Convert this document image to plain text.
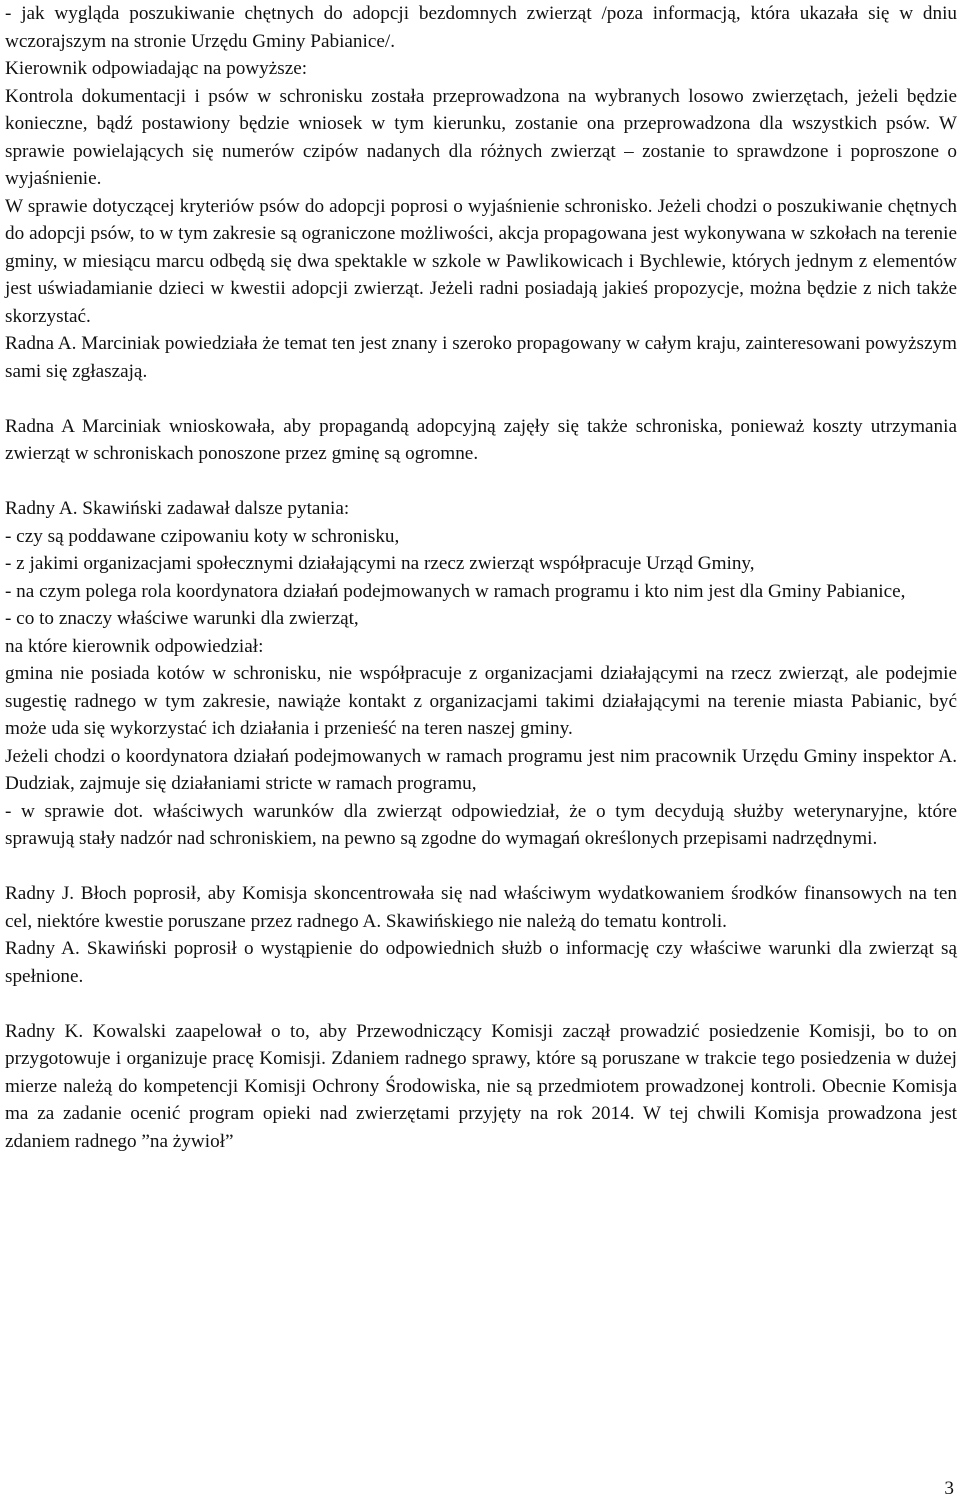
- jak wygląda poszukiwanie chętnych do adopcji bezdomnych zwierząt /poza informacją, która ukazała się w dniu wczorajszym na stronie Urzędu Gminy Pabianice/.
Kierownik odpowiadając na powyższe:
Kontrola dokumentacji i psów w schronisku została przeprowadzona na wybranych losowo zwierzętach, jeżeli będzie konieczne, bądź postawiony będzie wniosek w tym kierunku, zostanie ona przeprowadzona dla wszystkich psów. W sprawie powielających się numerów czipów nadanych dla różnych zwierząt – zostanie to sprawdzone i poproszone o wyjaśnienie.
W sprawie dotyczącej kryteriów psów do adopcji poprosi o wyjaśnienie schronisko. Jeżeli chodzi o poszukiwanie chętnych do adopcji psów, to w tym zakresie są ograniczone możliwości, akcja propagowana jest wykonywana w szkołach na terenie gminy, w miesiącu marcu odbędą się dwa spektakle w szkole w Pawlikowicach i Bychlewie, których jednym z elementów jest uświadamianie dzieci w kwestii adopcji zwierząt. Jeżeli radni posiadają jakieś propozycje, można będzie z nich także skorzystać.
Radna A. Marciniak powiedziała że temat ten jest znany i szeroko propagowany w całym kraju, zainteresowani powyższym sami się zgłaszają.
Radna A Marciniak wnioskowała, aby propagandą adopcyjną zajęły się także schroniska, ponieważ koszty utrzymania zwierząt w schroniskach ponoszone przez gminę są ogromne.
Radny A. Skawiński zadawał dalsze pytania:
- czy są poddawane czipowaniu koty w schronisku,
- z jakimi organizacjami społecznymi działającymi na rzecz zwierząt współpracuje Urząd Gminy,
- na czym polega rola koordynatora działań podejmowanych w ramach programu i kto nim jest dla Gminy Pabianice,
- co to znaczy właściwe warunki dla zwierząt,
na które kierownik odpowiedział:
gmina nie posiada kotów w schronisku, nie współpracuje z organizacjami działającymi na rzecz zwierząt, ale podejmie sugestię radnego w tym zakresie, nawiąże kontakt z organizacjami takimi działającymi na terenie miasta Pabianic, być może uda się wykorzystać ich działania i przenieść na teren naszej gminy.
Jeżeli chodzi o koordynatora działań podejmowanych w ramach programu jest nim pracownik Urzędu Gminy inspektor A. Dudziak, zajmuje się działaniami stricte w ramach programu,
- w sprawie dot. właściwych warunków dla zwierząt odpowiedział, że o tym decydują służby weterynaryjne, które sprawują stały nadzór nad schroniskiem, na pewno są zgodne do wymagań określonych przepisami nadrzędnymi.
Radny J. Błoch poprosił, aby Komisja skoncentrowała się nad właściwym wydatkowaniem środków finansowych na ten cel, niektóre kwestie poruszane przez radnego A. Skawińskiego nie należą do tematu kontroli.
Radny A. Skawiński poprosił o wystąpienie do odpowiednich służb o informację czy właściwe warunki dla zwierząt są spełnione.
Radny K. Kowalski zaapelował o to, aby Przewodniczący Komisji zaczął prowadzić posiedzenie Komisji, bo to on przygotowuje i organizuje pracę Komisji. Zdaniem radnego sprawy, które są poruszane w trakcie tego posiedzenia w dużej mierze należą do kompetencji Komisji Ochrony Środowiska, nie są przedmiotem prowadzonej kontroli. Obecnie Komisja ma za zadanie ocenić program opieki nad zwierzętami przyjęty na rok 2014. W tej chwili Komisja prowadzona jest zdaniem radnego ”na żywioł”
3
